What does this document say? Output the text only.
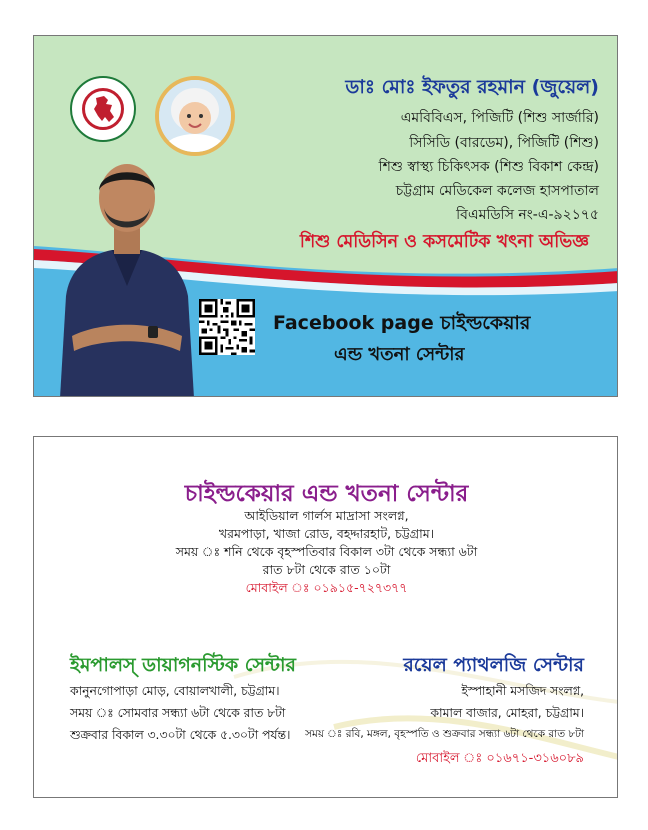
ডাঃ মোঃ ইফতুর রহমান (জুয়েল)
এমবিবিএস, পিজিটি (শিশু সার্জারি)
সিসিডি (বারডেম), পিজিটি (শিশু)
শিশু স্বাস্থ্য চিকিৎসক (শিশু বিকাশ কেন্দ্র)
চট্টগ্রাম মেডিকেল কলেজ হাসপাতাল
বিএমডিসি নং-এ-৯২১৭৫
শিশু মেডিসিন ও কসমেটিক খৎনা অভিজ্ঞ
Facebook page চাইল্ডকেয়ার
এন্ড খতনা সেন্টার
চাইল্ডকেয়ার এন্ড খতনা সেন্টার
আইডিয়াল গার্লস মাদ্রাসা সংলগ্ন,
খরমপাড়া, খাজা রোড, বহদ্দারহাট, চট্টগ্রাম।
সময় ঃ শনি থেকে বৃহস্পতিবার বিকাল ৩টা থেকে সন্ধ্যা ৬টা
রাত ৮টা থেকে রাত ১০টা
মোবাইল ঃ ০১৯১৫-৭২৭৩৭৭
ইমপালস্ ডায়াগনস্টিক সেন্টার
কানুনগোপাড়া মোড়, বোয়ালখালী, চট্টগ্রাম।
সময় ঃ সোমবার সন্ধ্যা ৬টা থেকে রাত ৮টা
শুক্রবার বিকাল ৩.৩০টা থেকে ৫.৩০টা পর্যন্ত।
রয়েল প্যাথলজি সেন্টার
ইস্পাহানী মসজিদ সংলগ্ন,
কামাল বাজার, মোহরা, চট্টগ্রাম।
সময় ঃ রবি, মঙ্গল, বৃহস্পতি ও শুক্রবার সন্ধ্যা ৬টা থেকে রাত ৮টা
মোবাইল ঃ ০১৬৭১-৩১৬০৮৯
